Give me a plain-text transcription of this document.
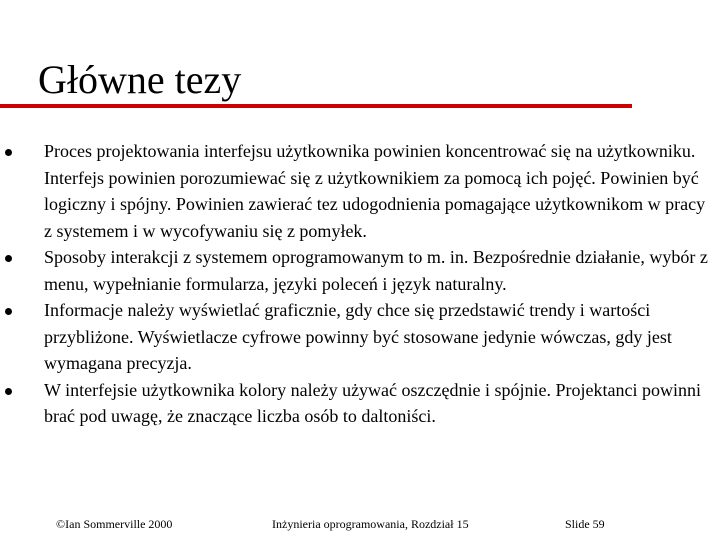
Główne tezy
Proces projektowania interfejsu użytkownika powinien koncentrować się na użytkowniku. Interfejs powinien porozumiewać się z użytkownikiem za pomocą ich pojęć. Powinien być logiczny i spójny. Powinien zawierać tez udogodnienia pomagające użytkownikom w pracy z systemem i w wycofywaniu się z pomyłek.
Sposoby interakcji z systemem oprogramowanym to m. in. Bezpośrednie działanie, wybór z menu, wypełnianie formularza, języki poleceń i język naturalny.
Informacje należy wyświetlać graficznie, gdy chce się przedstawić trendy i wartości przybliżone. Wyświetlacze cyfrowe powinny być stosowane jedynie wówczas, gdy jest wymagana precyzja.
W interfejsie użytkownika kolory należy używać oszczędnie i spójnie. Projektanci powinni brać pod uwagę, że znaczące liczba osób to daltoniści.
©Ian Sommerville 2000	Inżynieria oprogramowania, Rozdział 15	Slide 59
